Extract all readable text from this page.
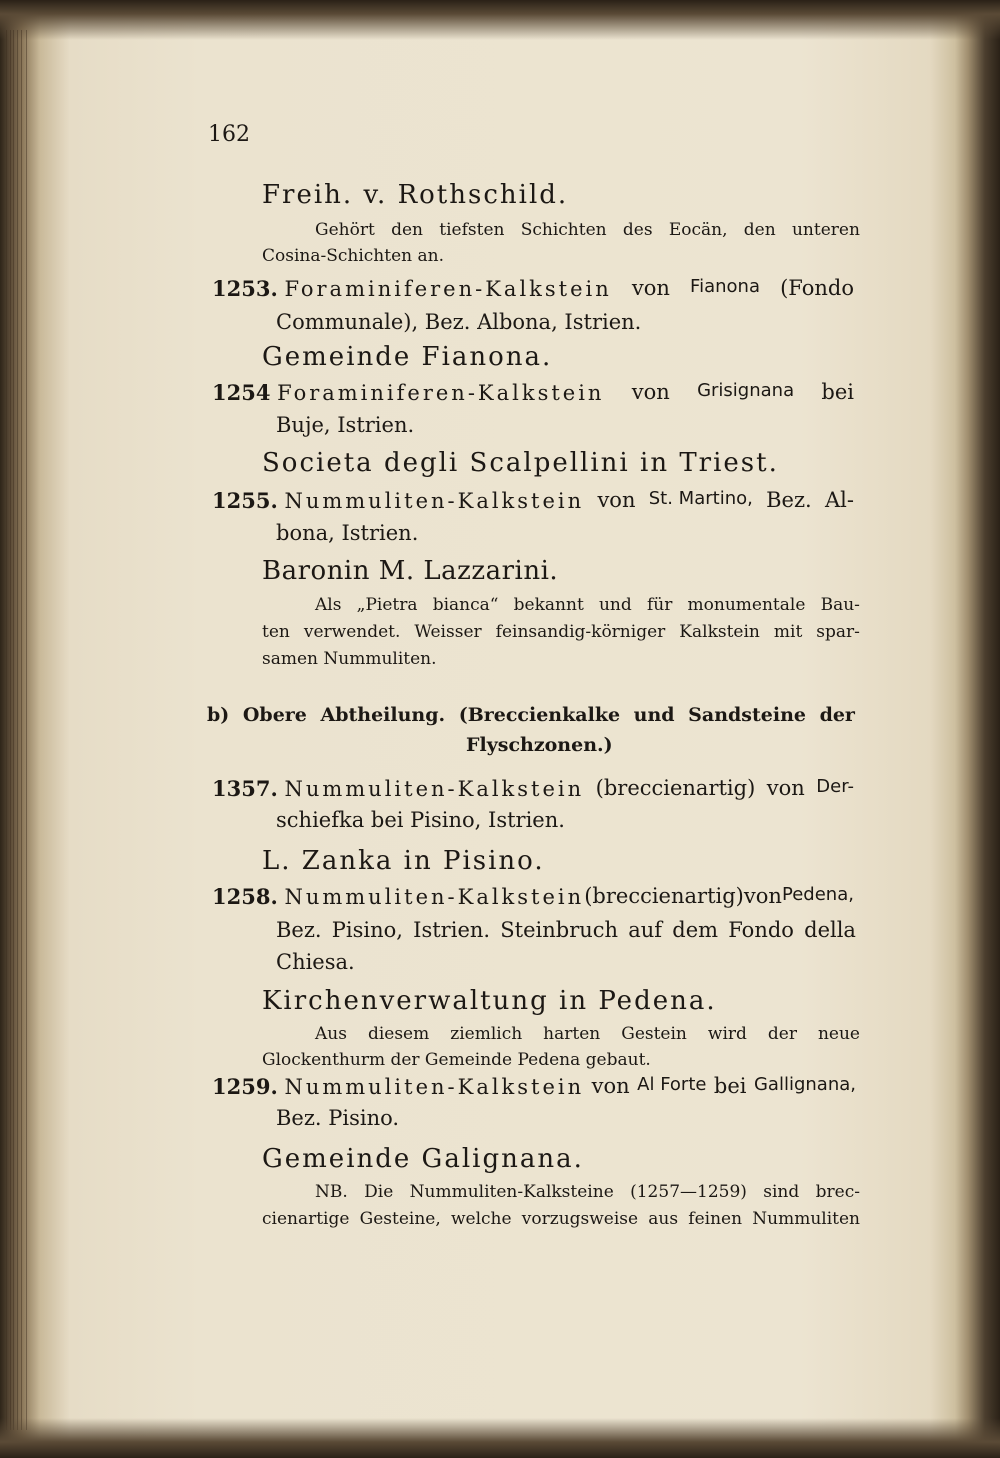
162
Freih. v. Rothschild.
Gehört den tiefsten Schichten des Eocän, den unteren
Cosina-Schichten an.
1253. Foraminiferen-Kalkstein von Fianona (Fondo
Communale), Bez. Albona, Istrien.
Gemeinde Fianona.
1254 Foraminiferen-Kalkstein von Grisignana bei
Buje, Istrien.
Societa degli Scalpellini in Triest.
1255. Nummuliten-Kalkstein von St. Martino, Bez. Al-
bona, Istrien.
Baronin M. Lazzarini.
Als „Pietra bianca“ bekannt und für monumentale Bau-
ten verwendet. Weisser feinsandig-körniger Kalkstein mit spar-
samen Nummuliten.
b) Obere Abtheilung. (Breccienkalke und Sandsteine der
Flyschzonen.)
1357. Nummuliten-Kalkstein (breccienartig) von Der-
schiefka bei Pisino, Istrien.
L. Zanka in Pisino.
1258. Nummuliten-Kalkstein (breccienartig) von Pedena,
Bez. Pisino, Istrien. Steinbruch auf dem Fondo della
Chiesa.
Kirchenverwaltung in Pedena.
Aus diesem ziemlich harten Gestein wird der neue
Glockenthurm der Gemeinde Pedena gebaut.
1259. Nummuliten-Kalkstein von Al Forte bei Gallignana,
Bez. Pisino.
Gemeinde Galignana.
NB. Die Nummuliten-Kalksteine (1257—1259) sind brec-
cienartige Gesteine, welche vorzugsweise aus feinen Nummuliten
